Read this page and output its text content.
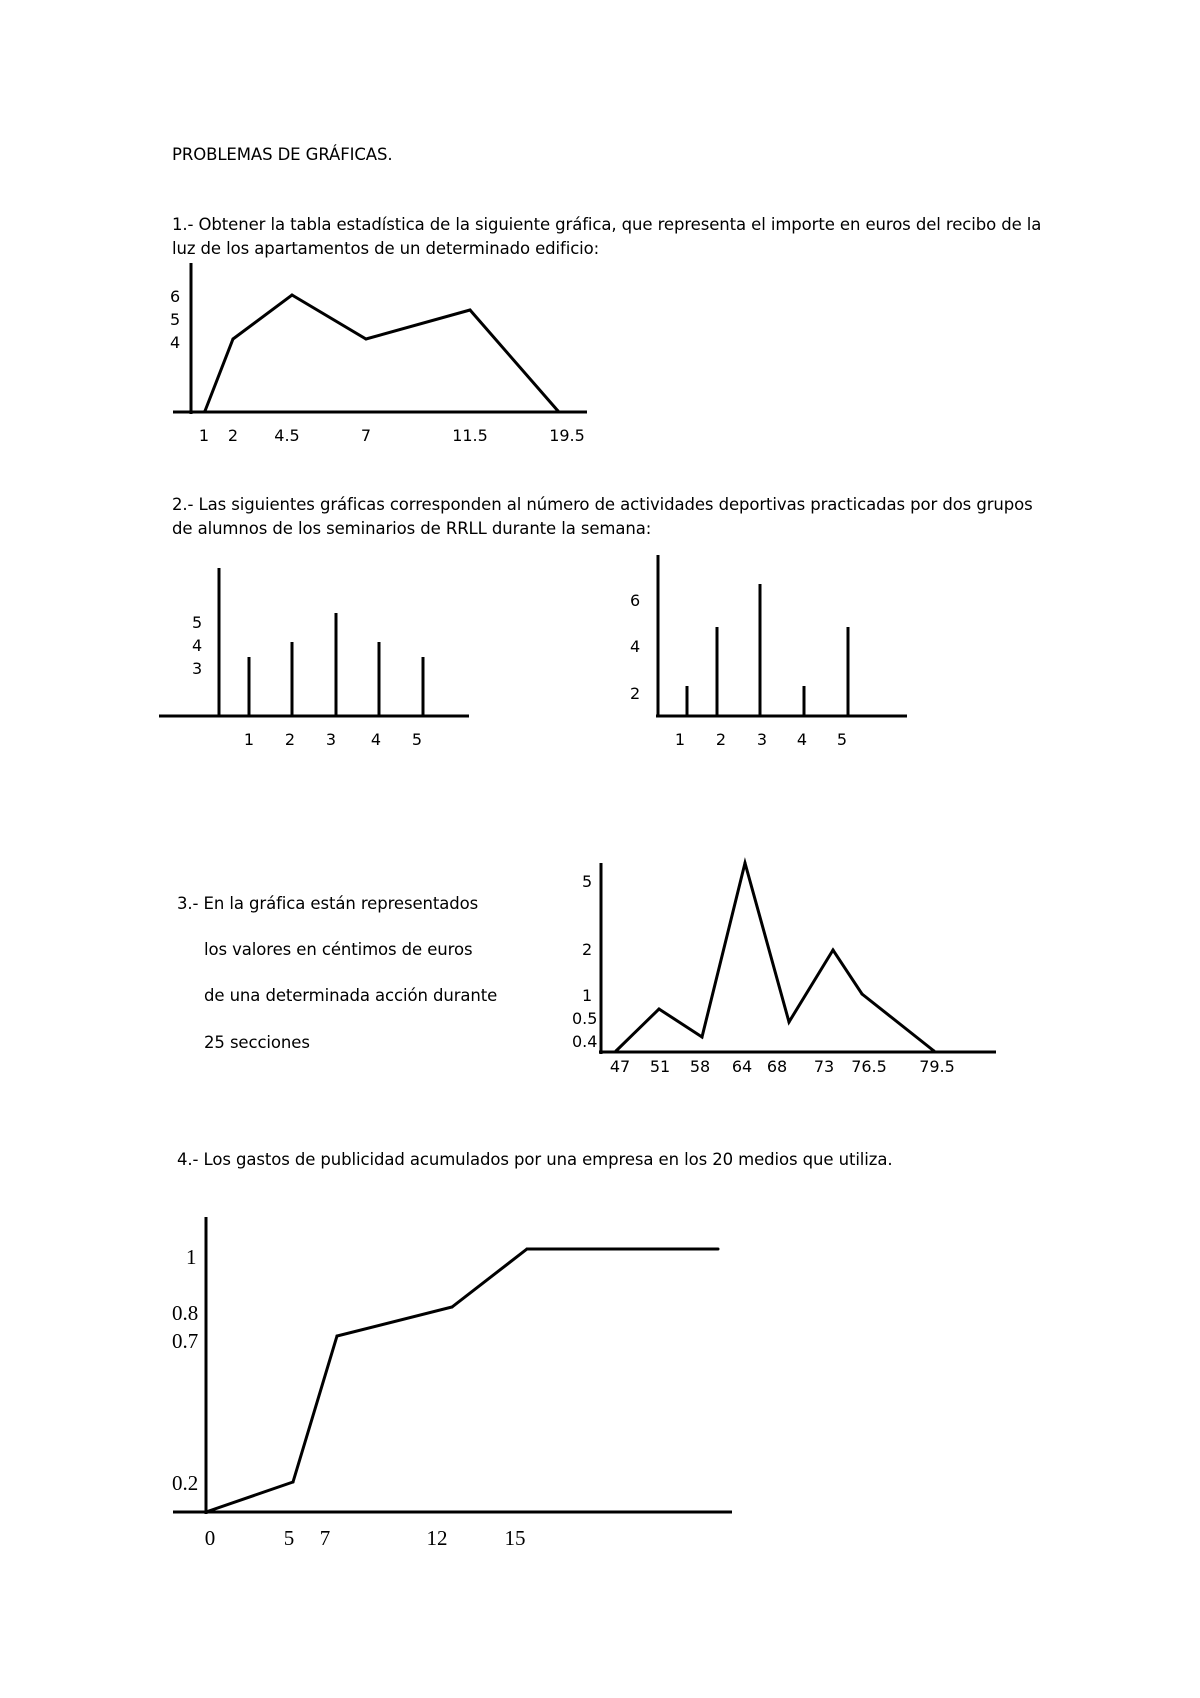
PROBLEMAS DE GRÁFICAS.
1.- Obtener la tabla estadística de la siguiente gráfica, que representa el importe en euros del recibo de la
luz de los apartamentos de un determinado edificio:
2.- Las siguientes gráficas corresponden al número de actividades deportivas practicadas por dos grupos
de alumnos de los seminarios de RRLL durante la semana:
3.- En la gráfica están representados
los valores en céntimos de euros
de una determinada acción durante
25 secciones
4.- Los gastos de publicidad acumulados por una empresa en los 20 medios que utiliza.
6
5
4
1 2 4.5	7	11.5	19.5
5
4
3
1 2 3 4 5
6
4
2
1 2 3 4 5
5
2
1
0.5
0.4
47 51 58 64 68 73 76.5 79.5
1
0.8
0.7
0.2
0	5 7	12	15
